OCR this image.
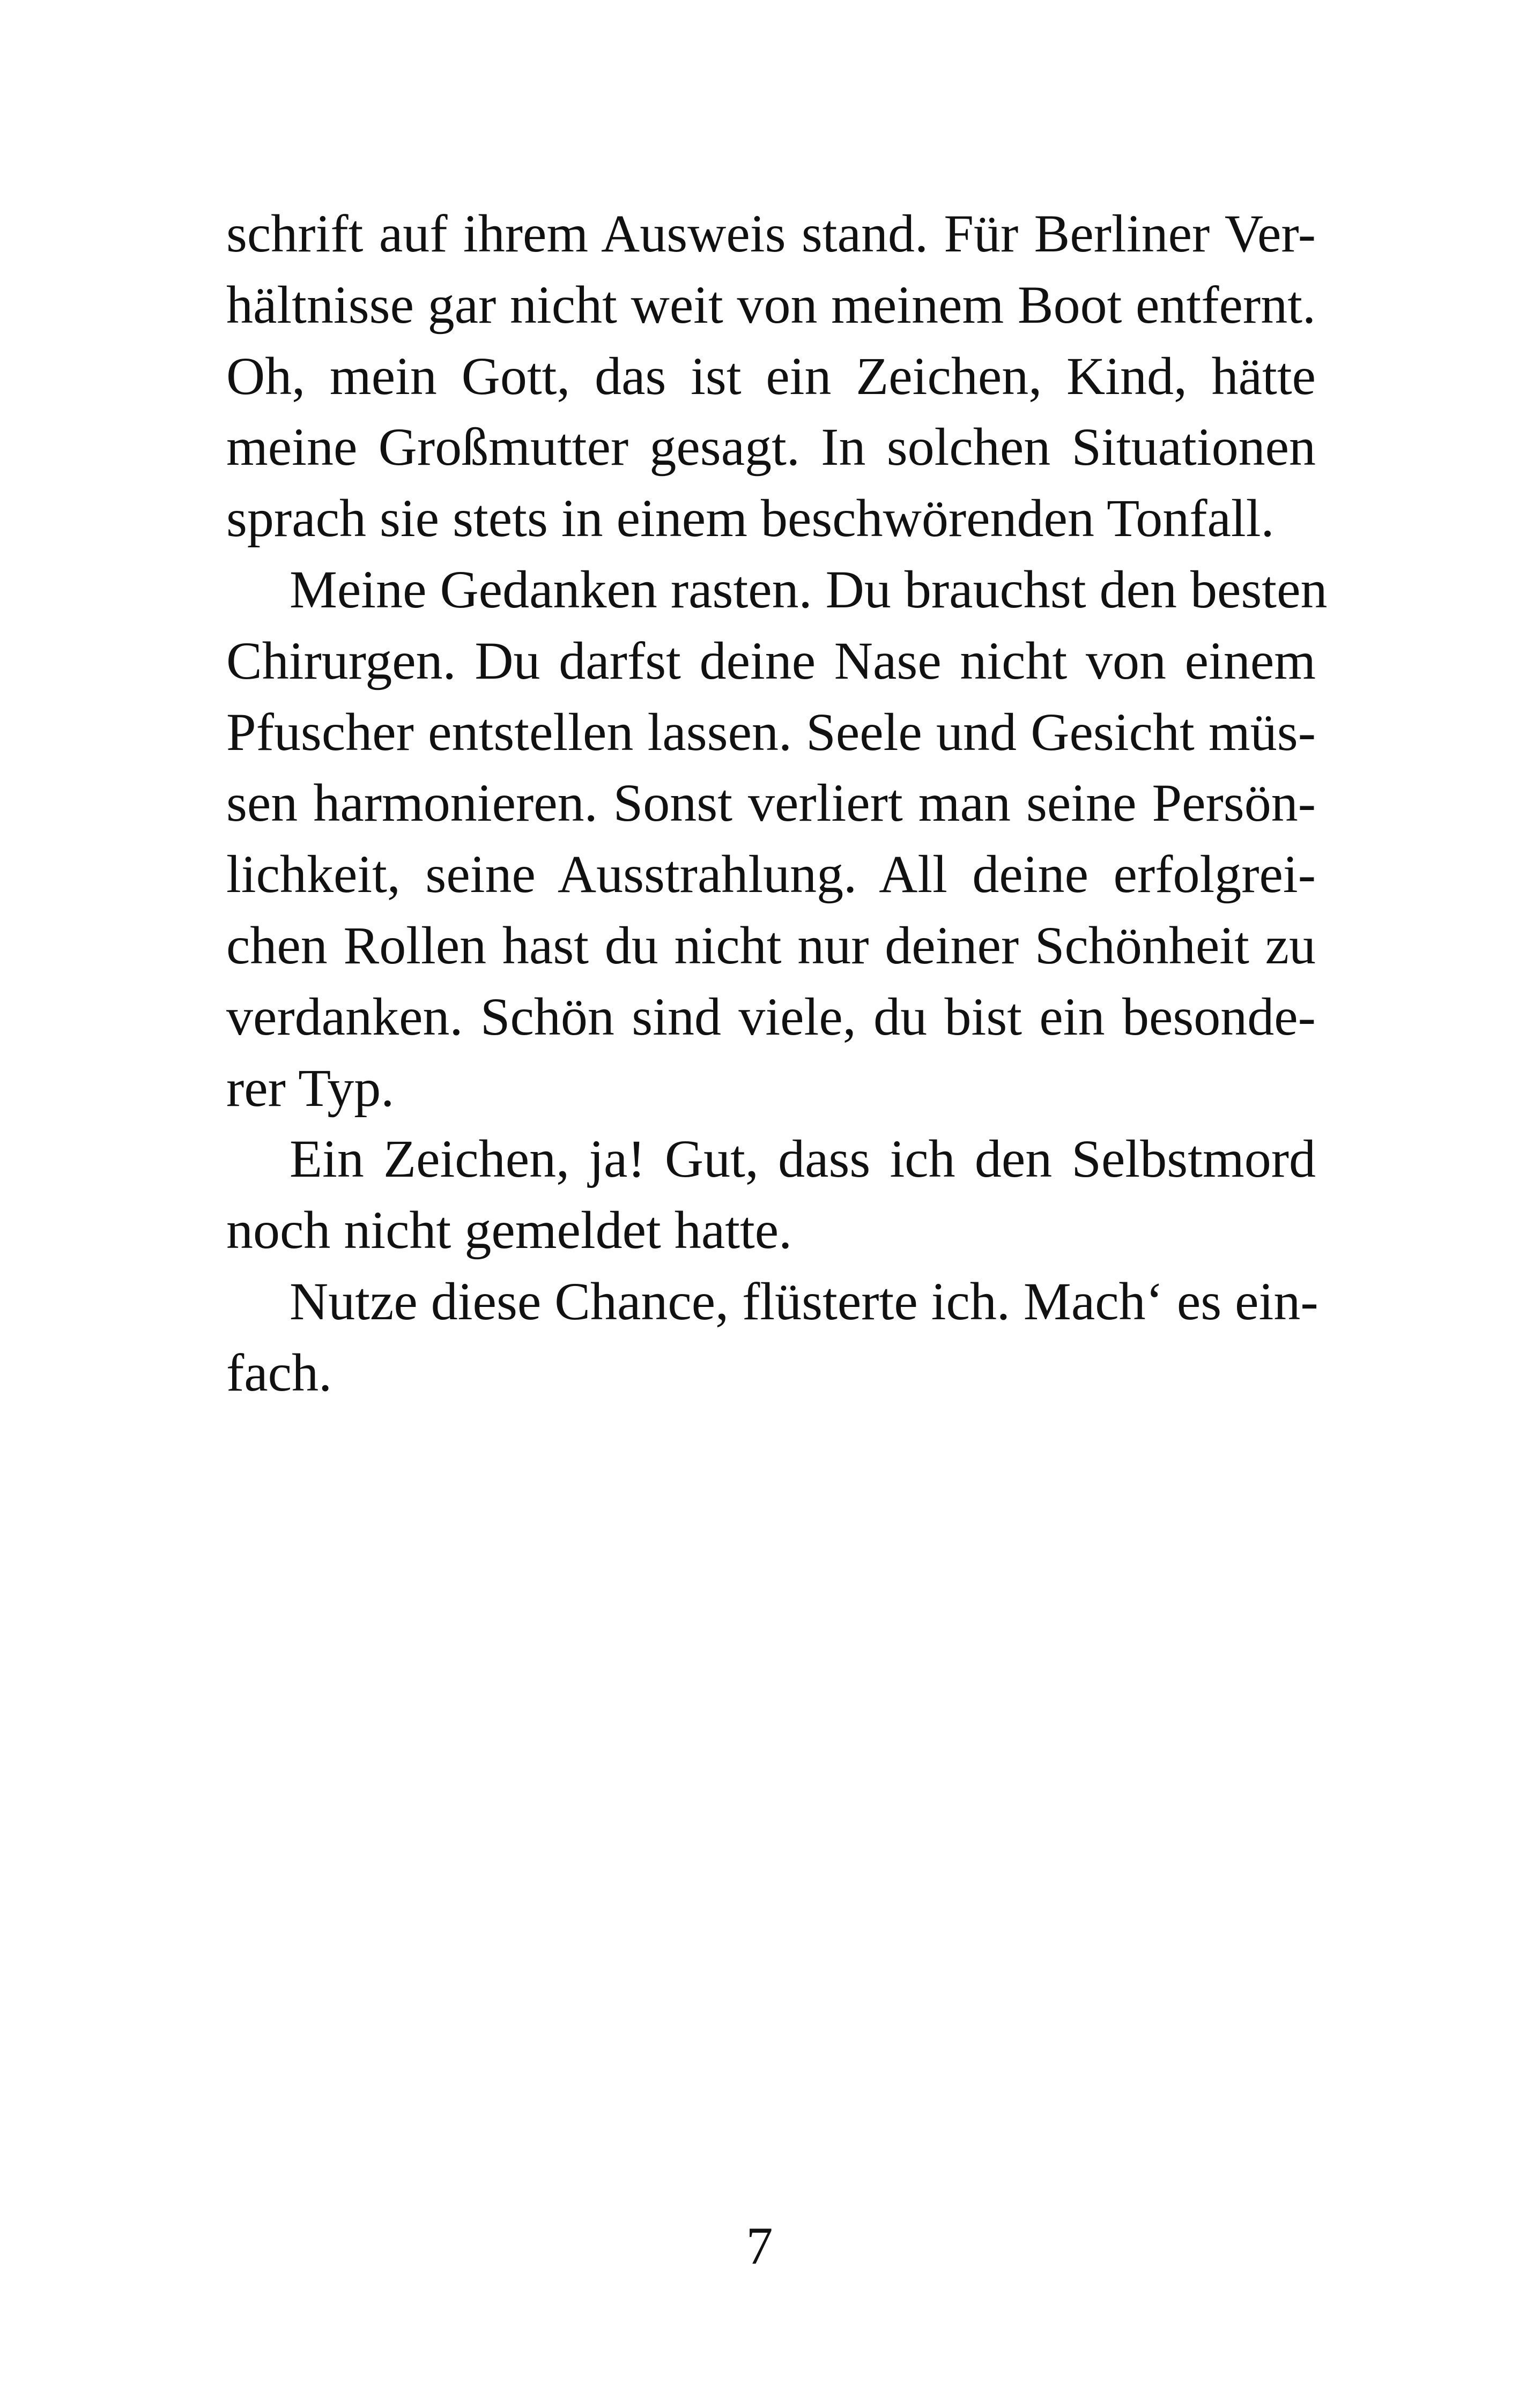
schrift auf ihrem Ausweis stand. Für Berliner Ver-
hältnisse gar nicht weit von meinem Boot entfernt.
Oh, mein Gott, das ist ein Zeichen, Kind, hätte
meine Großmutter gesagt. In solchen Situationen
sprach sie stets in einem beschwörenden Tonfall.
Meine Gedanken rasten. Du brauchst den besten
Chirurgen. Du darfst deine Nase nicht von einem
Pfuscher entstellen lassen. Seele und Gesicht müs-
sen harmonieren. Sonst verliert man seine Persön-
lichkeit, seine Ausstrahlung. All deine erfolgrei-
chen Rollen hast du nicht nur deiner Schönheit zu
verdanken. Schön sind viele, du bist ein besonde-
rer Typ.
Ein Zeichen, ja! Gut, dass ich den Selbstmord
noch nicht gemeldet hatte.
Nutze diese Chance, flüsterte ich. Mach‘ es ein-
fach.
7
